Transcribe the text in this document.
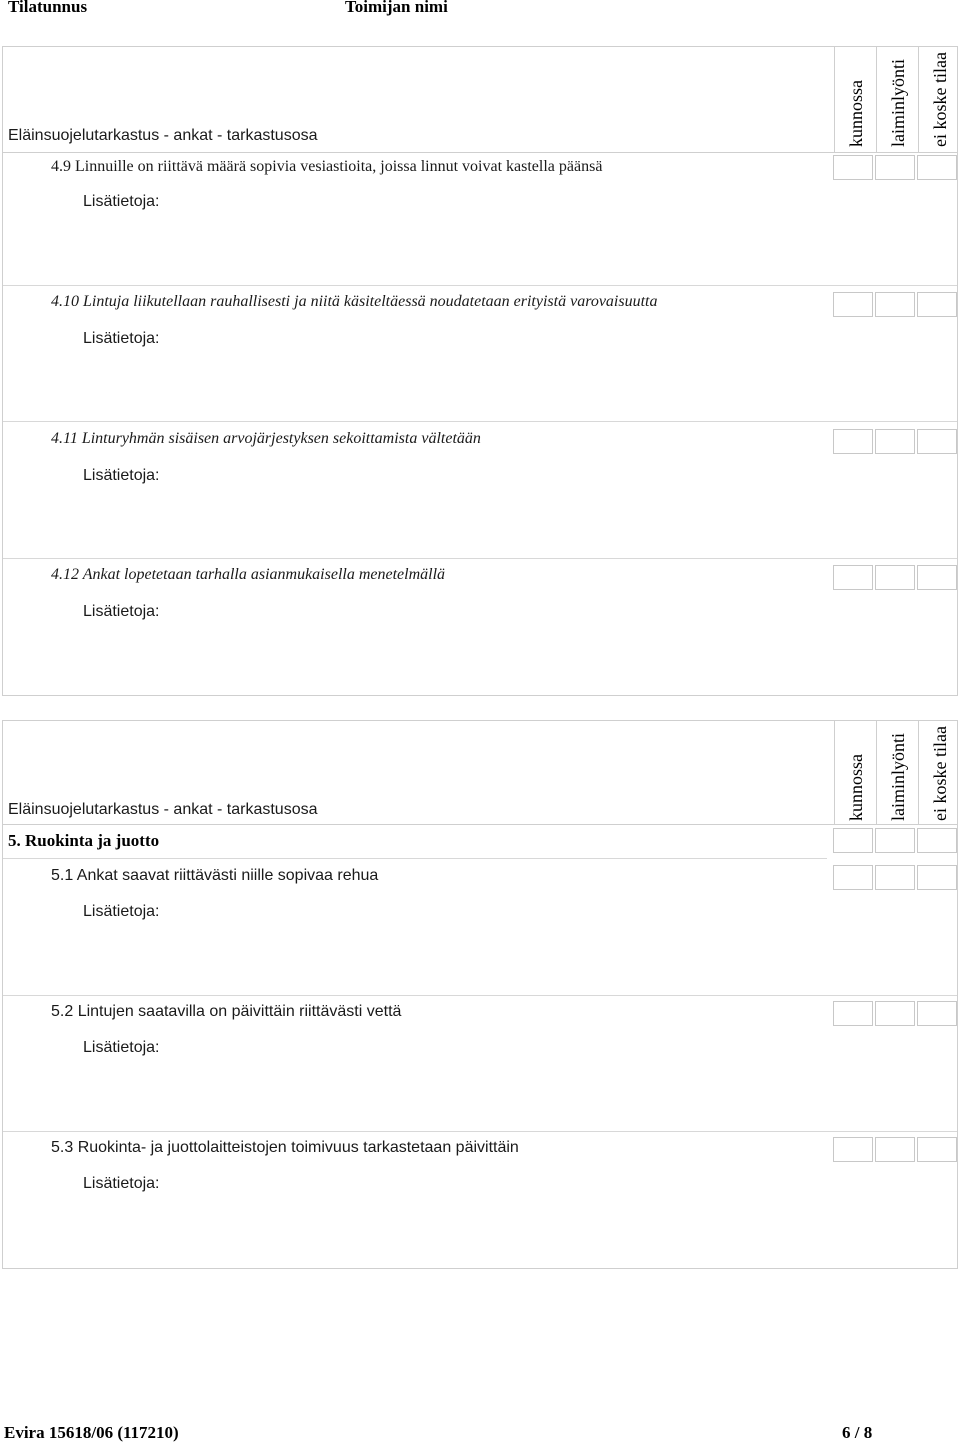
Tilatunnus	Toimijan nimi
kunnossa laiminlyönti ei koske tilaa
Eläinsuojelutarkastus - ankat - tarkastusosa
4.9 Linnuille on riittävä määrä sopivia vesiastioita, joissa linnut voivat kastella päänsä
Lisätietoja:
4.10 Lintuja liikutellaan rauhallisesti ja niitä käsiteltäessä noudatetaan erityistä varovaisuutta
Lisätietoja:
4.11 Linturyhmän sisäisen arvojärjestyksen sekoittamista vältetään
Lisätietoja:
4.12 Ankat lopetetaan tarhalla asianmukaisella menetelmällä
Lisätietoja:
kunnossa laiminlyönti ei koske tilaa
Eläinsuojelutarkastus - ankat - tarkastusosa
5. Ruokinta ja juotto
5.1 Ankat saavat riittävästi niille sopivaa rehua
Lisätietoja:
5.2 Lintujen saatavilla on päivittäin riittävästi vettä
Lisätietoja:
5.3 Ruokinta- ja juottolaitteistojen toimivuus tarkastetaan päivittäin
Lisätietoja:
Evira 15618/06 (117210)	6 / 8
